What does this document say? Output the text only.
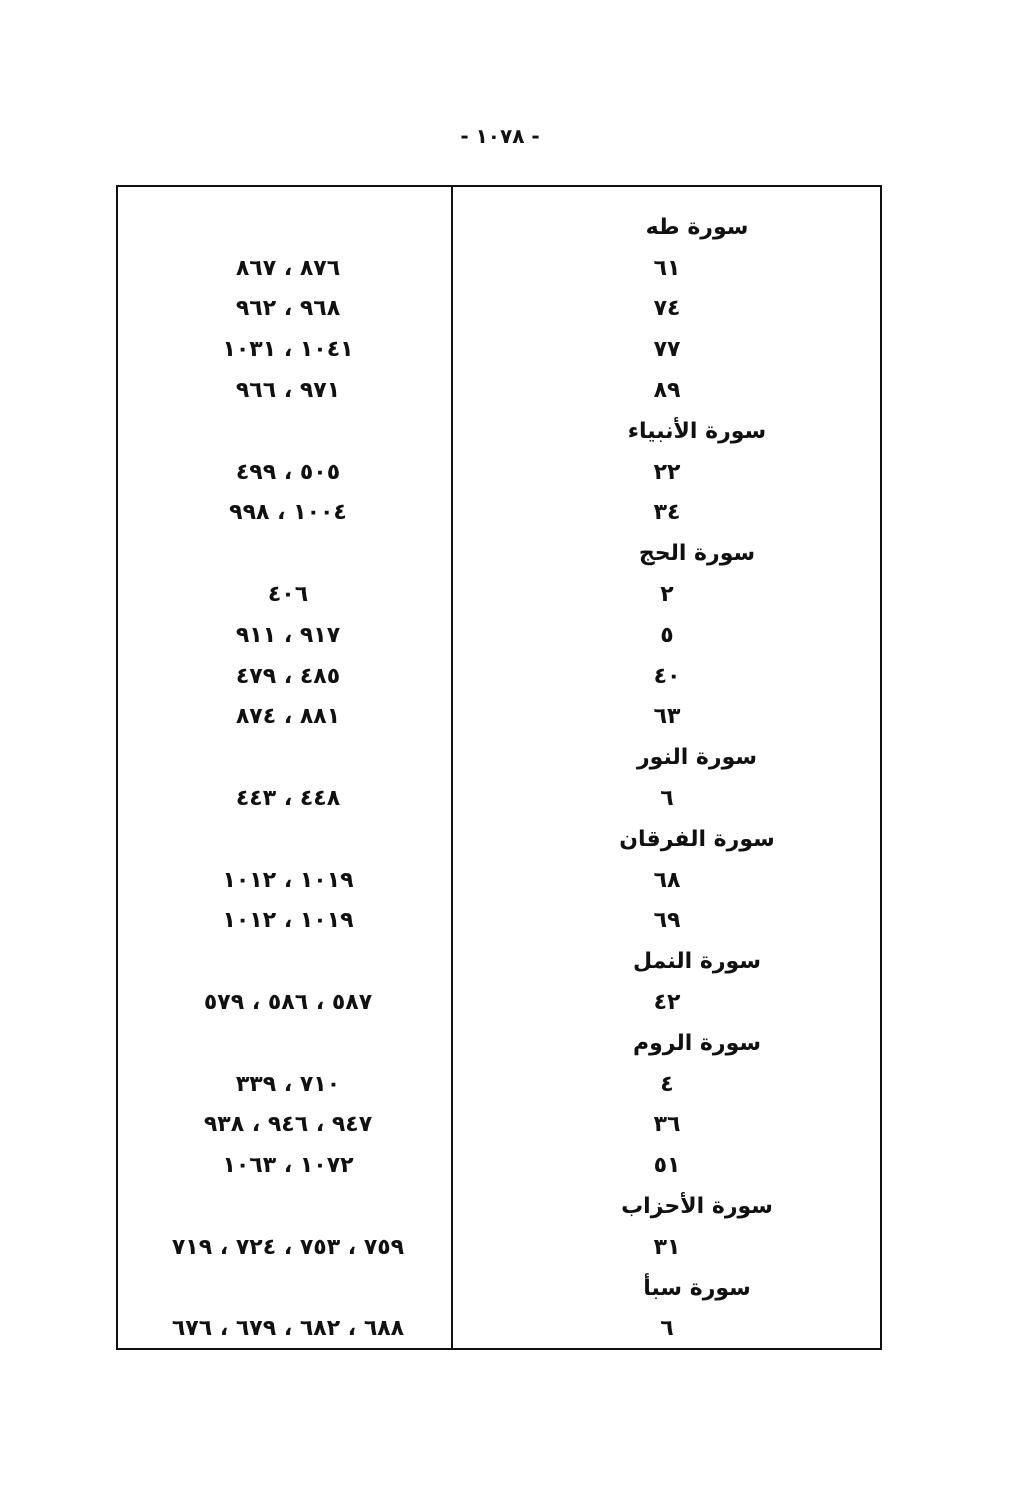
- ١٠٧٨ -
سورة طه
٦١
٨٧٦ ، ٨٦٧
٧٤
٩٦٨ ، ٩٦٢
٧٧
١٠٤١ ، ١٠٣١
٨٩
٩٧١ ، ٩٦٦
سورة الأنبياء
٢٢
٥٠٥ ، ٤٩٩
٣٤
١٠٠٤ ، ٩٩٨
سورة الحج
٢
٤٠٦
٥
٩١٧ ، ٩١١
٤٠
٤٨٥ ، ٤٧٩
٦٣
٨٨١ ، ٨٧٤
سورة النور
٦
٤٤٨ ، ٤٤٣
سورة الفرقان
٦٨
١٠١٩ ، ١٠١٢
٦٩
١٠١٩ ، ١٠١٢
سورة النمل
٤٢
٥٨٧ ، ٥٨٦ ، ٥٧٩
سورة الروم
٤
٧١٠ ، ٣٣٩
٣٦
٩٤٧ ، ٩٤٦ ، ٩٣٨
٥١
١٠٧٢ ، ١٠٦٣
سورة الأحزاب
٣١
٧٥٩ ، ٧٥٣ ، ٧٢٤ ، ٧١٩
سورة سبأ
٦
٦٨٨ ، ٦٨٢ ، ٦٧٩ ، ٦٧٦
